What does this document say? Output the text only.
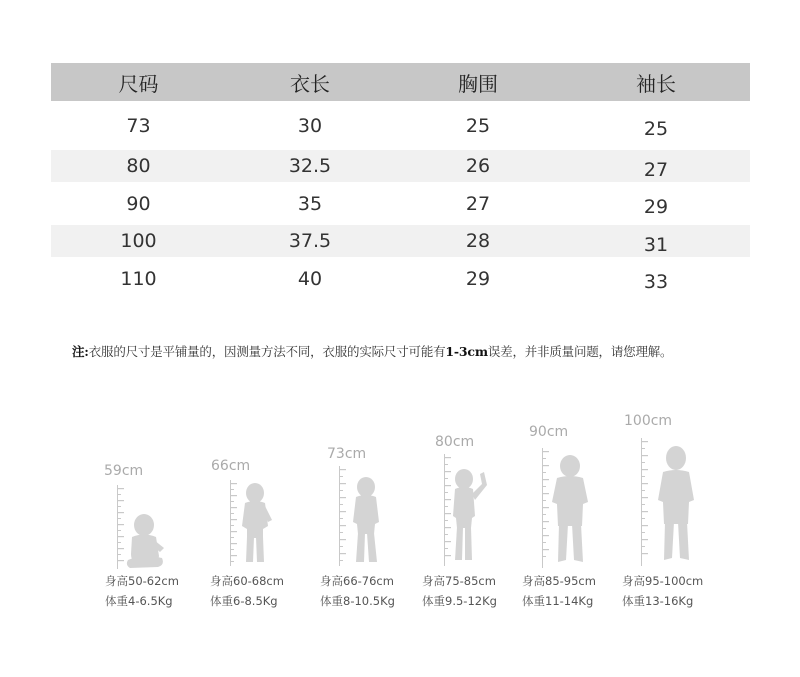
尺码	衣长	胸围	袖长
73	30	25	25
80	32.5	26	27
90	35	27	29
100	37.5	28	31
110	40	29	33
注:衣服的尺寸是平铺量的，因测量方法不同，衣服的实际尺寸可能有1-3cm误差，并非质量问题，请您理解。
59cm
身高50-62cm
体重4-6.5Kg
66cm
身高60-68cm
体重6-8.5Kg
73cm
身高66-76cm
体重8-10.5Kg
80cm
身高75-85cm
体重9.5-12Kg
90cm
身高85-95cm
体重11-14Kg
100cm
身高95-100cm
体重13-16Kg
